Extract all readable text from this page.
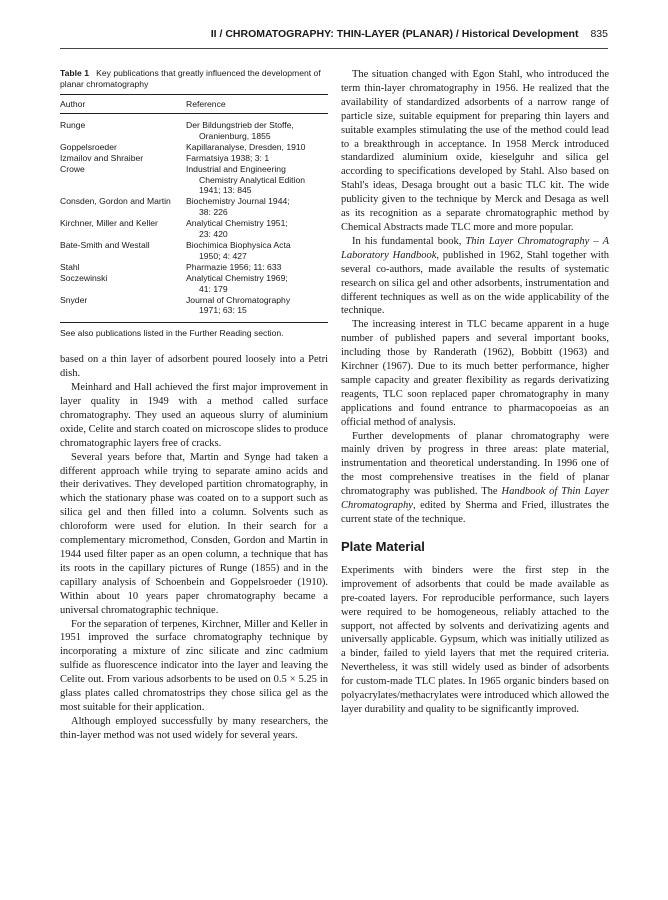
II / CHROMATOGRAPHY: THIN-LAYER (PLANAR) / Historical Development 835

Table 1 Key publications that greatly influenced the development of planar chromatography

Author	Reference
Runge	Der Bildungstrieb der Stoffe,
Oranienburg, 1855
Goppelsroeder	Kapillaranalyse, Dresden, 1910
Izmailov and Shraiber	Farmatsiya 1938; 3: 1
Crowe	Industrial and Engineering
Chemistry Analytical Edition
1941; 13: 845
Consden, Gordon and Martin	Biochemistry Journal 1944;
38: 226
Kirchner, Miller and Keller	Analytical Chemistry 1951;
23: 420
Bate-Smith and Westall	Biochimica Biophysica Acta
1950; 4: 427
Stahl	Pharmazie 1956; 11: 633
Soczewinski	Analytical Chemistry 1969;
41: 179
Snyder	Journal of Chromatography
1971; 63: 15

See also publications listed in the Further Reading section.

based on a thin layer of adsorbent poured loosely into a Petri dish.

Meinhard and Hall achieved the first major improvement in layer quality in 1949 with a method called surface chromatography. They used an aqueous slurry of aluminium oxide, Celite and starch coated on microscope slides to produce chromatographic layers free of cracks.

Several years before that, Martin and Synge had taken a different approach while trying to separate amino acids and their derivatives. They developed partition chromatography, in which the stationary phase was coated on to a support such as silica gel and then filled into a column. Solvents such as chloroform were used for elution. In their search for a complementary micromethod, Consden, Gordon and Martin in 1944 used filter paper as an open column, a technique that has its roots in the capillary pictures of Runge (1855) and in the capillary analysis of Schoenbein and Goppelsroeder (1910). Within about 10 years paper chromatography became a universal chromatographic technique.

For the separation of terpenes, Kirchner, Miller and Keller in 1951 improved the surface chromatography technique by incorporating a mixture of zinc silicate and zinc cadmium sulfide as fluorescence indicator into the layer and leaving the Celite out. From various adsorbents to be used on 0.5 × 5.25 in glass plates called chromatostrips they chose silica gel as the most suitable for their application.

Although employed successfully by many researchers, the thin-layer method was not used widely for several years.

The situation changed with Egon Stahl, who introduced the term thin-layer chromatography in 1956. He realized that the availability of standardized adsorbents of a narrow range of particle size, suitable equipment for preparing thin layers and suitable examples stimulating the use of the method could lead to a breakthrough in acceptance. In 1958 Merck introduced standardized aluminium oxide, kieselguhr and silica gel according to specifications developed by Stahl. Also based on Stahl's ideas, Desaga brought out a basic TLC kit. The wide publicity given to the technique by Merck and Desaga as well as its recognition as a separate chromatographic method by Chemical Abstracts made TLC more and more popular.

In his fundamental book, Thin Layer Chromatography – A Laboratory Handbook, published in 1962, Stahl together with several co-authors, made available the results of systematic research on silica gel and other adsorbents, instrumentation and different techniques as well as on the wide applicability of the technique.

The increasing interest in TLC became apparent in a huge number of published papers and several important books, including those by Randerath (1962), Bobbitt (1963) and Kirchner (1967). Due to its much better performance, higher sample capacity and greater flexibility as regards derivatizing reagents, TLC soon replaced paper chromatography in many applications and found entrance to pharmacopoeias as an official method of analysis.

Further developments of planar chromatography were mainly driven by progress in three areas: plate material, instrumentation and theoretical understanding. In 1996 one of the most comprehensive treatises in the field of planar chromatography was published. The Handbook of Thin Layer Chromatography, edited by Sherma and Fried, illustrates the current state of the technique.

Plate Material

Experiments with binders were the first step in the improvement of adsorbents that could be made available as pre-coated layers. For reproducible performance, such layers were required to be homogeneous, reliably attached to the support, not affected by solvents and derivatizing agents and universally applicable. Gypsum, which was initially utilized as a binder, failed to yield layers that met the required criteria. Nevertheless, it was still widely used as binder of adsorbents for custom-made TLC plates. In 1965 organic binders based on polyacrylates/methacrylates were introduced which allowed the layer durability and quality to be significantly improved.
